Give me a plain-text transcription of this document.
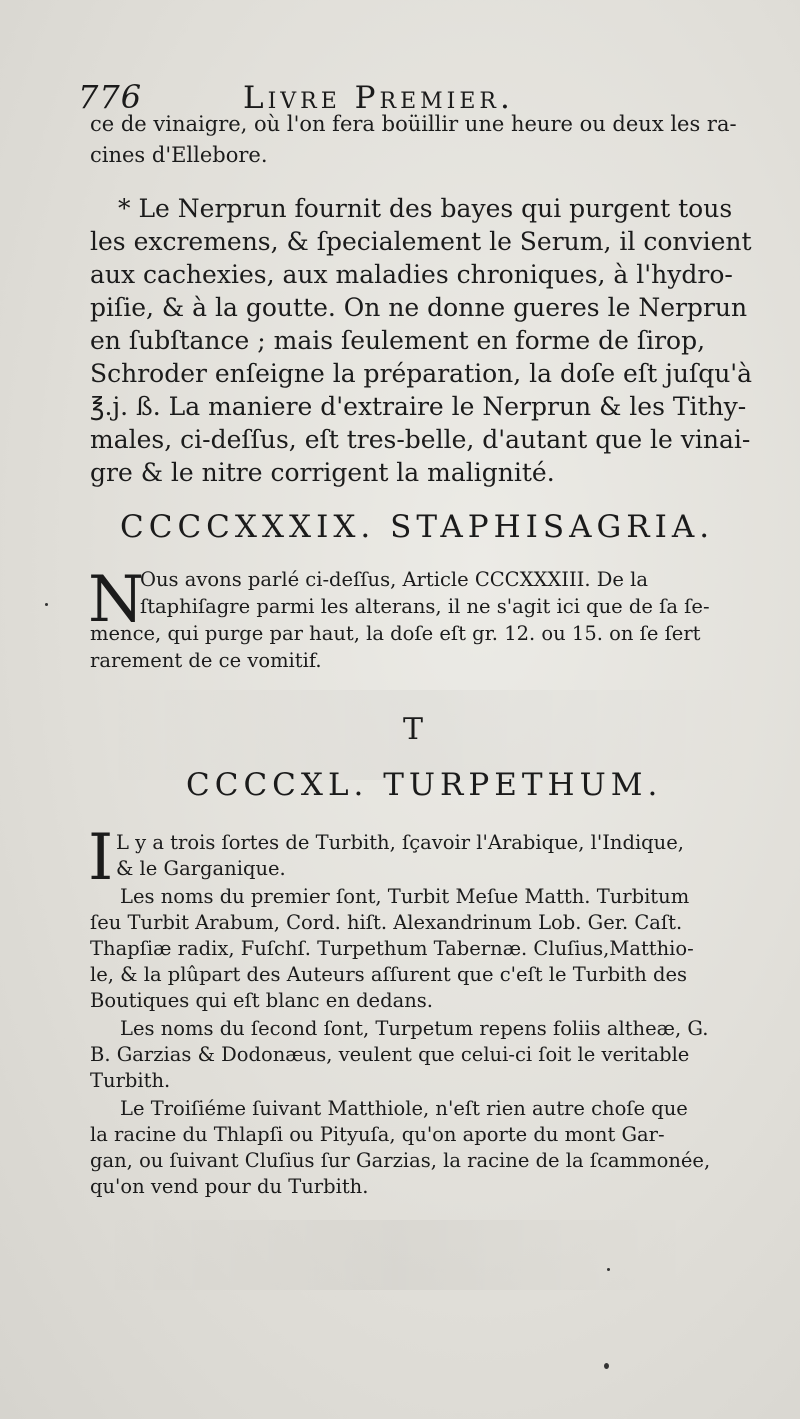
776	Livre Premier.
ce de vinaigre, où l'on fera boüillir une heure ou deux les ra-
cines d'Ellebore.
* Le Nerprun fournit des bayes qui purgent tous
les excremens, & ſpecialement le Serum, il convient
aux cachexies, aux maladies chroniques, à l'hydro-
piſie, & à la goutte. On ne donne gueres le Nerprun
en ſubſtance ; mais ſeulement en forme de ſirop,
Schroder enſeigne la préparation, la doſe eſt juſqu'à
℥.j. ß. La maniere d'extraire le Nerprun & les Tithy-
males, ci-deſſus, eſt tres-belle, d'autant que le vinai-
gre & le nitre corrigent la malignité.
CCCCXXXIX. STAPHISAGRIA.
N
Ous avons parlé ci-deſſus, Article CCCXXXIII. De la
ſtaphiſagre parmi les alterans, il ne s'agit ici que de ſa ſe-
mence, qui purge par haut, la doſe eſt gr. 12. ou 15. on ſe ſert
rarement de ce vomitif.
T
CCCCXL. TURPETHUM.
I L y a trois ſortes de Turbith, ſçavoir l'Arabique, l'Indique,
& le Garganique.
Les noms du premier ſont, Turbit Meſue Matth. Turbitum
ſeu Turbit Arabum, Cord. hiſt. Alexandrinum Lob. Ger. Caſt.
Thapſiæ radix, Fuſchſ. Turpethum Tabernæ. Cluſius,Matthio-
le, & la plûpart des Auteurs aſſurent que c'eſt le Turbith des
Boutiques qui eſt blanc en dedans.
Les noms du ſecond ſont, Turpetum repens foliis altheæ, G.
B. Garzias & Dodonæus, veulent que celui-ci ſoit le veritable
Turbith.
Le Troiſiéme ſuivant Matthiole, n'eſt rien autre choſe que
la racine du Thlapſi ou Pityuſa, qu'on aporte du mont Gar-
gan, ou ſuivant Cluſius ſur Garzias, la racine de la ſcammonée,
qu'on vend pour du Turbith.
